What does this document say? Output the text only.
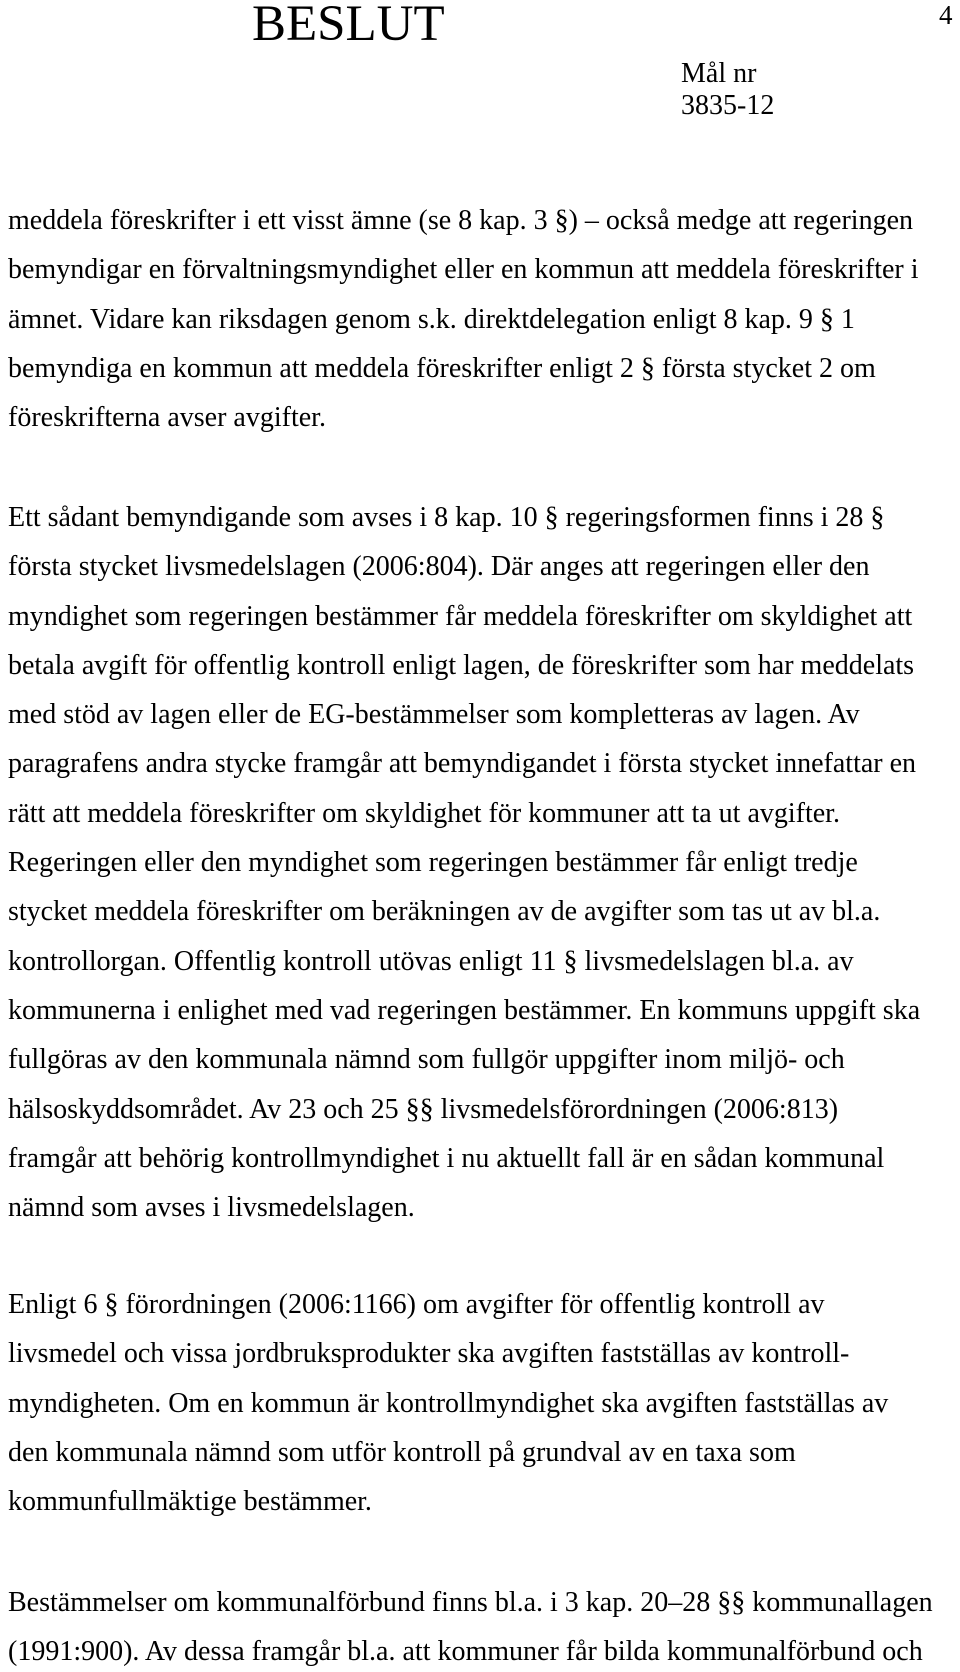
BESLUT	4
Mål nr
3835-12
meddela föreskrifter i ett visst ämne (se 8 kap. 3 §) – också medge att regeringen
bemyndigar en förvaltningsmyndighet eller en kommun att meddela föreskrifter i
ämnet. Vidare kan riksdagen genom s.k. direktdelegation enligt 8 kap. 9 § 1
bemyndiga en kommun att meddela föreskrifter enligt 2 § första stycket 2 om
föreskrifterna avser avgifter.
Ett sådant bemyndigande som avses i 8 kap. 10 § regeringsformen finns i 28 §
första stycket livsmedelslagen (2006:804). Där anges att regeringen eller den
myndighet som regeringen bestämmer får meddela föreskrifter om skyldighet att
betala avgift för offentlig kontroll enligt lagen, de föreskrifter som har meddelats
med stöd av lagen eller de EG-bestämmelser som kompletteras av lagen. Av
paragrafens andra stycke framgår att bemyndigandet i första stycket innefattar en
rätt att meddela föreskrifter om skyldighet för kommuner att ta ut avgifter.
Regeringen eller den myndighet som regeringen bestämmer får enligt tredje
stycket meddela föreskrifter om beräkningen av de avgifter som tas ut av bl.a.
kontrollorgan. Offentlig kontroll utövas enligt 11 § livsmedelslagen bl.a. av
kommunerna i enlighet med vad regeringen bestämmer. En kommuns uppgift ska
fullgöras av den kommunala nämnd som fullgör uppgifter inom miljö- och
hälsoskyddsområdet. Av 23 och 25 §§ livsmedelsförordningen (2006:813)
framgår att behörig kontrollmyndighet i nu aktuellt fall är en sådan kommunal
nämnd som avses i livsmedelslagen.
Enligt 6 § förordningen (2006:1166) om avgifter för offentlig kontroll av
livsmedel och vissa jordbruksprodukter ska avgiften fastställas av kontroll-
myndigheten. Om en kommun är kontrollmyndighet ska avgiften fastställas av
den kommunala nämnd som utför kontroll på grundval av en taxa som
kommunfullmäktige bestämmer.
Bestämmelser om kommunalförbund finns bl.a. i 3 kap. 20–28 §§ kommunallagen
(1991:900). Av dessa framgår bl.a. att kommuner får bilda kommunalförbund och
